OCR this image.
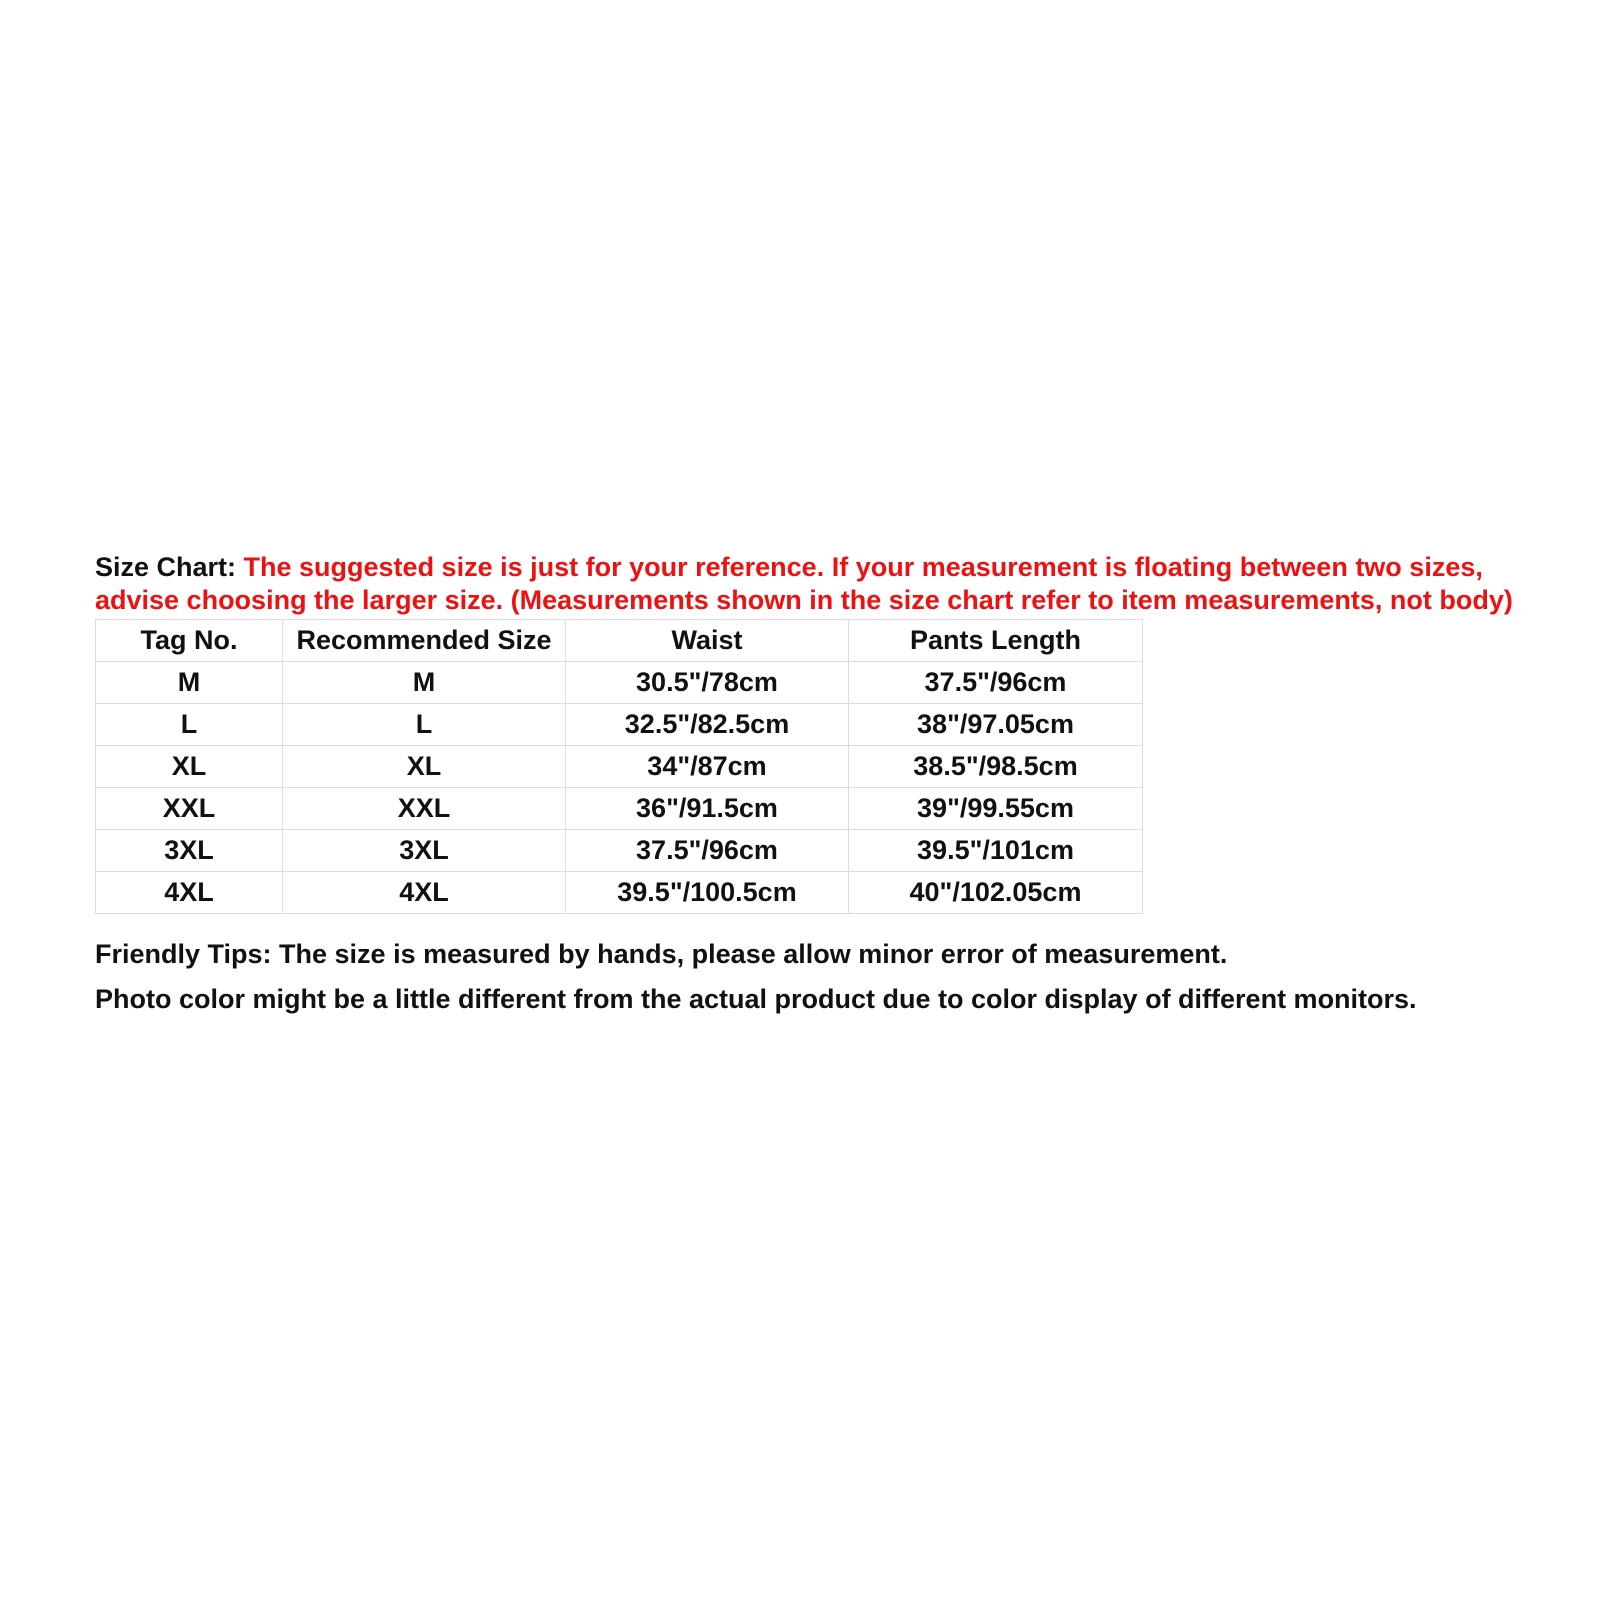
Size Chart: The suggested size is just for your reference. If your measurement is floating between two sizes, advise choosing the larger size. (Measurements shown in the size chart refer to item measurements, not body)

Tag No.	Recommended Size	Waist	Pants Length
M	M	30.5"/78cm	37.5"/96cm
L	L	32.5"/82.5cm	38"/97.05cm
XL	XL	34"/87cm	38.5"/98.5cm
XXL	XXL	36"/91.5cm	39"/99.55cm
3XL	3XL	37.5"/96cm	39.5"/101cm
4XL	4XL	39.5"/100.5cm	40"/102.05cm

Friendly Tips: The size is measured by hands, please allow minor error of measurement.

Photo color might be a little different from the actual product due to color display of different monitors.
